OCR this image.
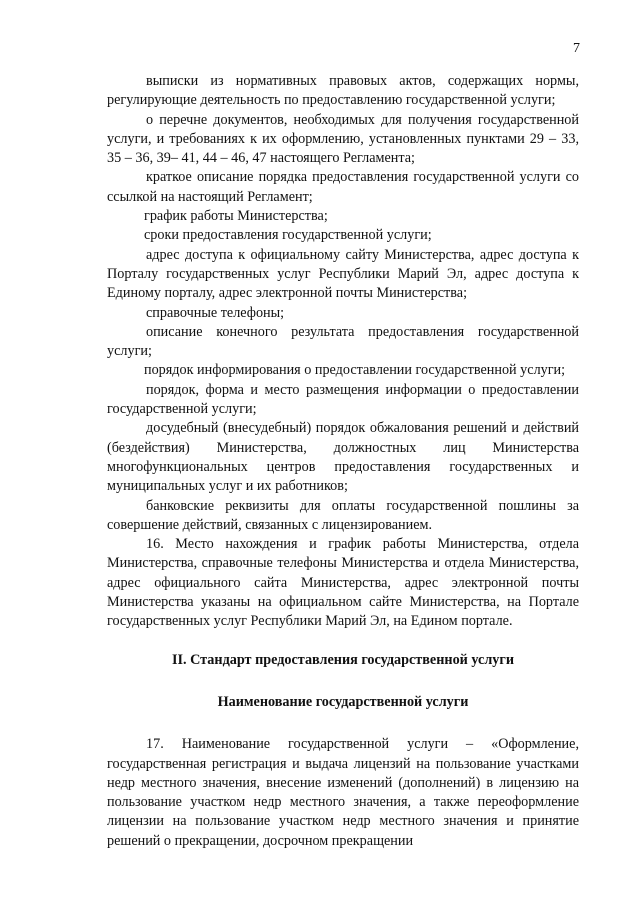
7

выписки из нормативных правовых актов, содержащих нормы, регулирующие деятельность по предоставлению государственной услуги;

о перечне документов, необходимых для получения государственной услуги, и требованиях к их оформлению, установленных пунктами 29 – 33, 35 – 36, 39– 41, 44 – 46, 47 настоящего Регламента;

краткое описание порядка предоставления государственной услуги со ссылкой на настоящий Регламент;

график работы Министерства;

сроки предоставления государственной услуги;

адрес доступа к официальному сайту Министерства, адрес доступа к Порталу государственных услуг Республики Марий Эл, адрес доступа к Единому порталу, адрес электронной почты Министерства;

справочные телефоны;

описание конечного результата предоставления государственной услуги;

порядок информирования о предоставлении государственной услуги;

порядок, форма и место размещения информации о предоставлении государственной услуги;

досудебный (внесудебный) порядок обжалования решений и действий (бездействия) Министерства, должностных лиц Министерства многофункциональных центров предоставления государственных и муниципальных услуг и их работников;

банковские реквизиты для оплаты государственной пошлины за совершение действий, связанных с лицензированием.

16. Место нахождения и график работы Министерства, отдела Министерства, справочные телефоны Министерства и отдела Министерства, адрес официального сайта Министерства, адрес электронной почты Министерства указаны на официальном сайте Министерства, на Портале государственных услуг Республики Марий Эл, на Едином портале.

II. Стандарт предоставления государственной услуги

Наименование государственной услуги

17. Наименование государственной услуги – «Оформление, государственная регистрация и выдача лицензий на пользование участками недр местного значения, внесение изменений (дополнений) в лицензию на пользование участком недр местного значения, а также переоформление лицензии на пользование участком недр местного значения и принятие решений о прекращении, досрочном прекращении
